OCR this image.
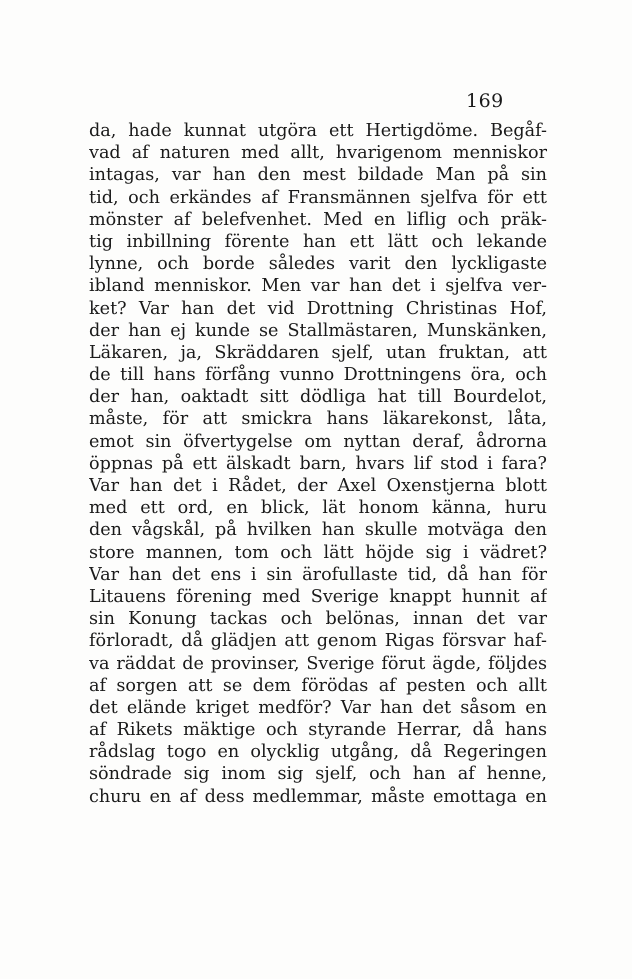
169
da, hade kunnat utgöra ett Hertigdöme. Begåf-
vad af naturen med allt, hvarigenom menniskor
intagas, var han den mest bildade Man på sin
tid, och erkändes af Fransmännen sjelfva för ett
mönster af belefvenhet. Med en liflig och präk-
tig inbillning förente han ett lätt och lekande
lynne, och borde således varit den lyckligaste
ibland menniskor. Men var han det i sjelfva ver-
ket? Var han det vid Drottning Christinas Hof,
der han ej kunde se Stallmästaren, Munskänken,
Läkaren, ja, Skräddaren sjelf, utan fruktan, att
de till hans förfång vunno Drottningens öra, och
der han, oaktadt sitt dödliga hat till Bourdelot,
måste, för att smickra hans läkarekonst, låta,
emot sin öfvertygelse om nyttan deraf, ådrorna
öppnas på ett älskadt barn, hvars lif stod i fara?
Var han det i Rådet, der Axel Oxenstjerna blott
med ett ord, en blick, lät honom känna, huru
den vågskål, på hvilken han skulle motväga den
store mannen, tom och lätt höjde sig i vädret?
Var han det ens i sin ärofullaste tid, då han för
Litauens förening med Sverige knappt hunnit af
sin Konung tackas och belönas, innan det var
förloradt, då glädjen att genom Rigas försvar haf-
va räddat de provinser, Sverige förut ägde, följdes
af sorgen att se dem förödas af pesten och allt
det elände kriget medför? Var han det såsom en
af Rikets mäktige och styrande Herrar, då hans
rådslag togo en olycklig utgång, då Regeringen
söndrade sig inom sig sjelf, och han af henne,
churu en af dess medlemmar, måste emottaga en
